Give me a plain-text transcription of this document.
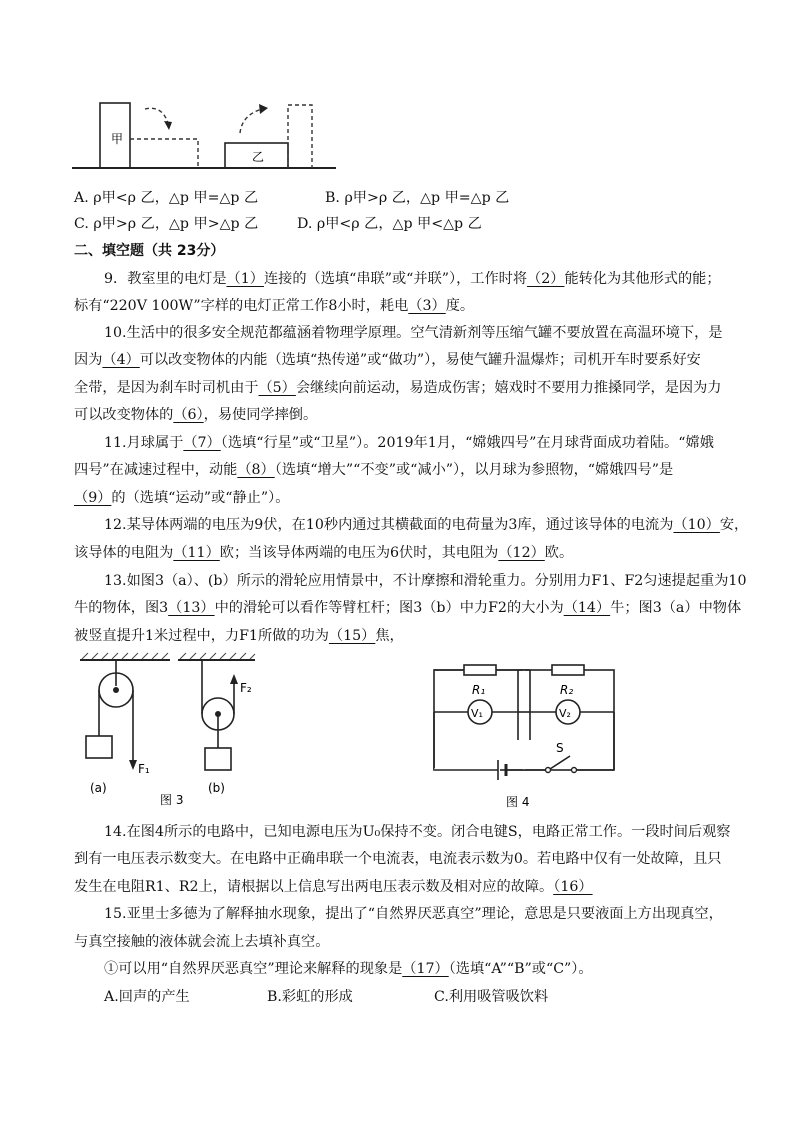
甲
乙
A. ρ甲<ρ 乙，△p 甲=△p 乙	B. ρ甲>ρ 乙，△p 甲=△p 乙
C. ρ甲>ρ 乙，△p 甲>△p 乙	D. ρ甲<ρ 乙，△p 甲<△p 乙
二、填空题（共 23分）
9．教室里的电灯是（1）连接的（选填“串联”或“并联”），工作时将（2）能转化为其他形式的能；
标有“220V 100W”字样的电灯正常工作8小时，耗电（3）度。
10.生活中的很多安全规范都蕴涵着物理学原理。空气清新剂等压缩气罐不要放置在高温环境下，是
因为（4）可以改变物体的内能（选填“热传递”或“做功”），易使气罐升温爆炸；司机开车时要系好安
全带，是因为刹车时司机由于（5）会继续向前运动，易造成伤害；嬉戏时不要用力推搡同学，是因为力
可以改变物体的（6），易使同学摔倒。
11.月球属于（7）（选填“行星”或“卫星”）。2019年1月，“嫦娥四号”在月球背面成功着陆。“嫦娥
四号”在减速过程中，动能（8）（选填“增大”“不变”或“减小”），以月球为参照物，“嫦娥四号”是
（9）的（选填“运动”或“静止”）。
12.某导体两端的电压为9伏，在10秒内通过其横截面的电荷量为3库，通过该导体的电流为（10）安，
该导体的电阻为（11）欧；当该导体两端的电压为6伏时，其电阻为（12）欧。
13.如图3（a）、(b）所示的滑轮应用情景中，不计摩擦和滑轮重力。分别用力F1、F2匀速提起重为10
牛的物体，图3（13）中的滑轮可以看作等臂杠杆；图3（b）中力F2的大小为（14）牛；图3（a）中物体
被竖直提升1米过程中，力F1所做的功为（15）焦，
F₁
(a)
F₂
(b)
图 3
R₁	R₂
V₁	V₂
S
图 4
14.在图4所示的电路中，已知电源电压为U₀保持不变。闭合电键S，电路正常工作。一段时间后观察
到有一电压表示数变大。在电路中正确串联一个电流表，电流表示数为0。若电路中仅有一处故障，且只
发生在电阻R1、R2上，请根据以上信息写出两电压表示数及相对应的故障。（16）
15.亚里士多德为了解释抽水现象，提出了“自然界厌恶真空”理论，意思是只要液面上方出现真空，
与真空接触的液体就会流上去填补真空。
①可以用“自然界厌恶真空”理论来解释的现象是（17）（选填“A”“B”或“C”）。
A.回声的产生	B.彩虹的形成	C.利用吸管吸饮料
